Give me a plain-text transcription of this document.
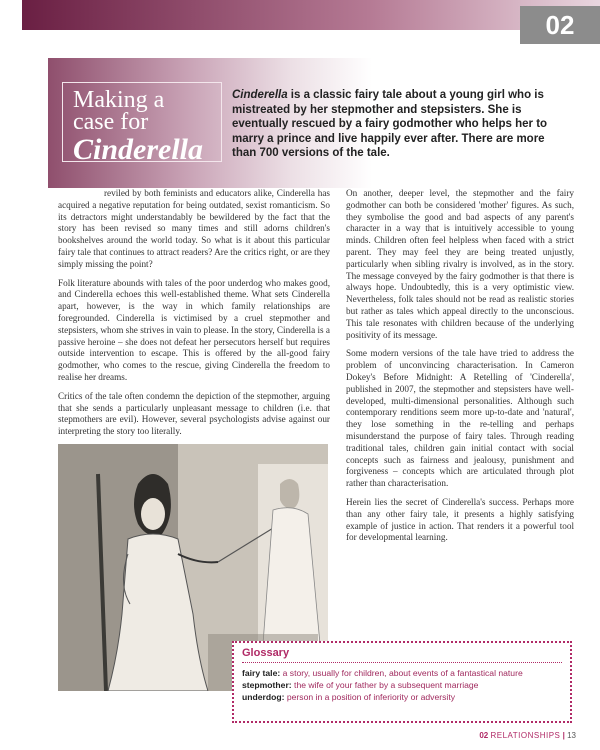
02
Making a
case for
Cinderella
Cinderella is a classic fairy tale about a young girl who is mistreated by her stepmother and stepsisters. She is eventually rescued by a fairy godmother who helps her to marry a prince and live happily ever after. There are more than 700 versions of the tale.

reviled by both feminists and educators alike, Cinderella has acquired a negative reputation for being outdated, sexist romanticism. So its detractors might understandably be bewildered by the fact that the story has been revised so many times and still adorns children's bookshelves around the world today. So what is it about this particular fairy tale that continues to attract readers? Are the critics right, or are they simply missing the point?

Folk literature abounds with tales of the poor underdog who makes good, and Cinderella echoes this well-established theme. What sets Cinderella apart, however, is the way in which family relationships are foregrounded. Cinderella is victimised by a cruel stepmother and stepsisters, whom she strives in vain to please. In the story, Cinderella is a passive heroine – she does not defeat her persecutors herself but requires outside intervention to escape. This is offered by the all-good fairy godmother, who comes to the rescue, giving Cinderella the freedom to realise her dreams.

Critics of the tale often condemn the depiction of the stepmother, arguing that she sends a particularly unpleasant message to children (i.e. that stepmothers are evil). However, several psychologists advise against our interpreting the story too literally.

On another, deeper level, the stepmother and the fairy godmother can both be considered 'mother' figures. As such, they symbolise the good and bad aspects of any parent's character in a way that is intuitively accessible to young minds. Children often feel helpless when faced with a strict parent. They may feel they are being treated unjustly, particularly when sibling rivalry is involved, as in the story. The message conveyed by the fairy godmother is that there is always hope. Undoubtedly, this is a very optimistic view. Nevertheless, folk tales should not be read as realistic stories but rather as tales which appeal directly to the unconscious. This tale resonates with children because of the underlying positivity of its message.

Some modern versions of the tale have tried to address the problem of unconvincing characterisation. In Cameron Dokey's Before Midnight: A Retelling of 'Cinderella', published in 2007, the stepmother and stepsisters have well-developed, multi-dimensional personalities. Although such contemporary renditions seem more up-to-date and 'natural', they lose something in the re-telling and perhaps misunderstand the purpose of fairy tales. Through reading traditional tales, children gain initial contact with social concepts such as fairness and jealousy, punishment and forgiveness – concepts which are articulated through plot rather than characterisation.

Herein lies the secret of Cinderella's success. Perhaps more than any other fairy tale, it presents a highly satisfying example of justice in action. That renders it a powerful tool for developmental learning.

Glossary
fairy tale: a story, usually for children, about events of a fantastical nature
stepmother: the wife of your father by a subsequent marriage
underdog: person in a position of inferiority or adversity
02 RELATIONSHIPS | 13
